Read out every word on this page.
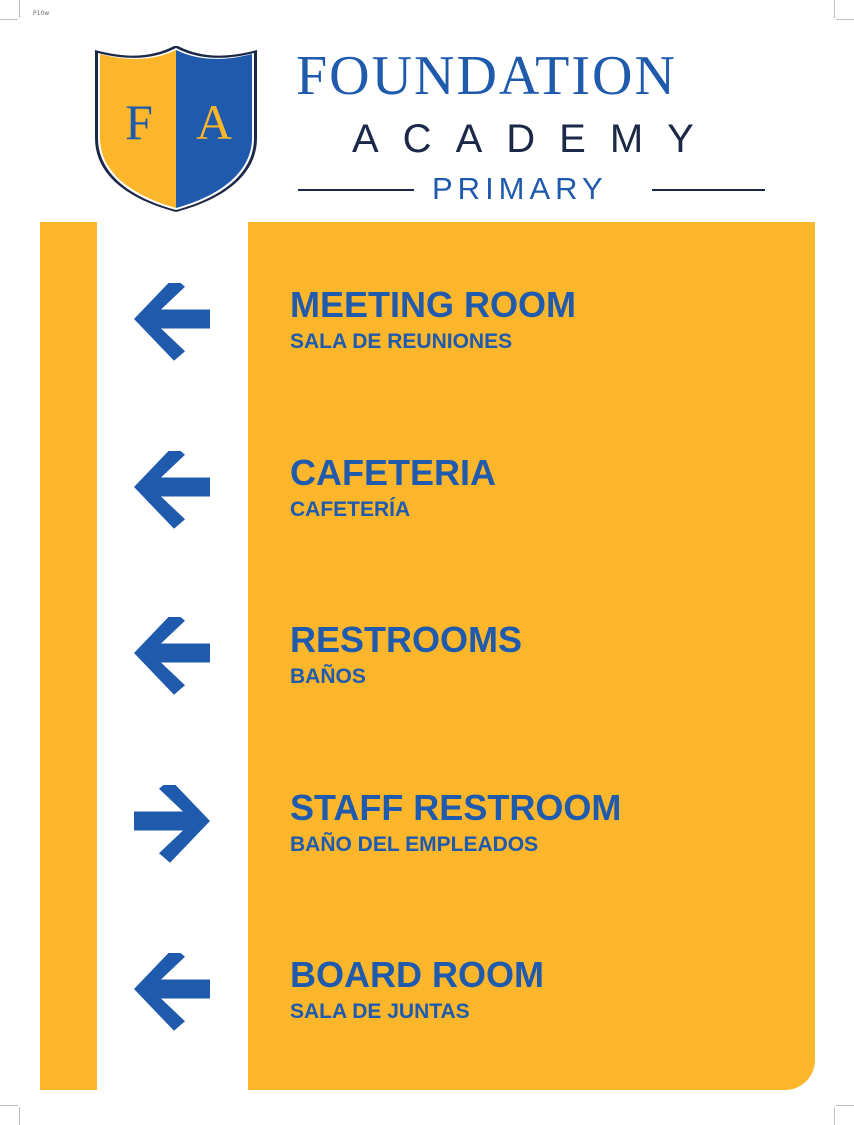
P10w
F A
FOUNDATION
ACADEMY
PRIMARY
MEETING ROOM
SALA DE REUNIONES
CAFETERIA
CAFETERÍA
RESTROOMS
BAÑOS
STAFF RESTROOM
BAÑO DEL EMPLEADOS
BOARD ROOM
SALA DE JUNTAS
